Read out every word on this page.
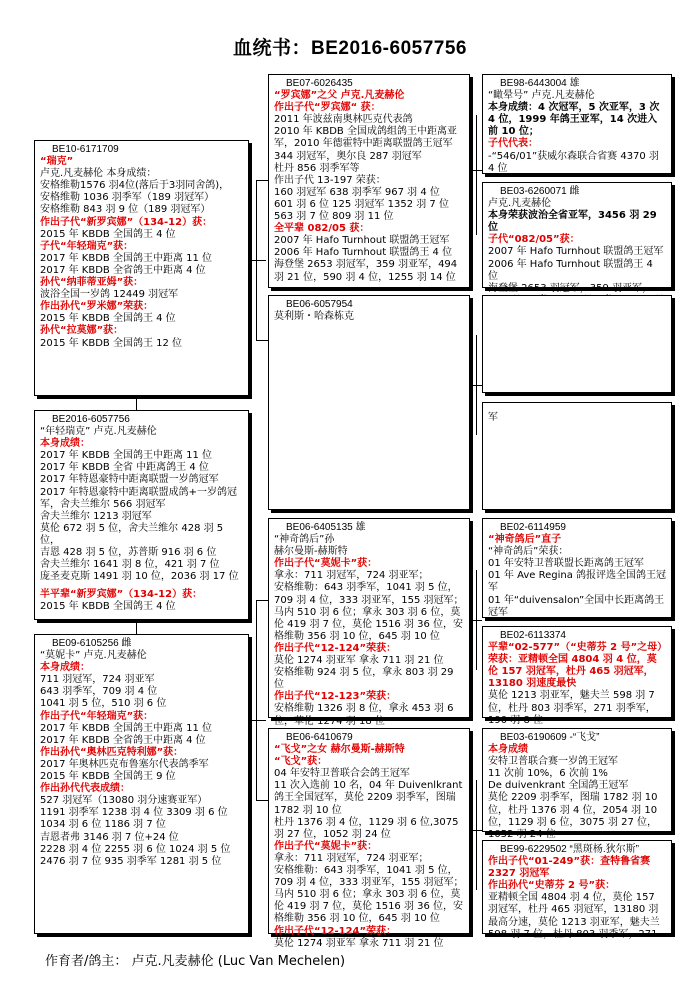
血统书：BE2016-6057756

BE10-6171709

“瑞克”

卢克.凡麦赫伦 本身成绩：

安格维勒1576 羽4位(落后于3羽同舍鸽)，

安格维勒 1036 羽季军（189 羽冠军）

安格维勒 843 羽 9 位（189 羽冠军）

作出子代“新罗宾娜”（134-12）获：

2015 年 KBDB 全国鸽王 4 位

子代“年轻瑞克”获：

2017 年 KBDB 全国鸽王中距离 11 位

2017 年 KBDB 全省鸽王中距离 4 位

孙代“纳菲蒂亚姆”获：

波浴全国一岁鸽 12449 羽冠军

作出孙代“罗米娜”荣获：

2015 年 KBDB 全国鸽王 4 位

孙代“拉莫娜”获：

2015 年 KBDB 全国鸽王 12 位

BE2016-6057756

“年轻瑞克” 卢克.凡麦赫伦

本身成绩：

2017 年 KBDB 全国鸽王中距离 11 位

2017 年 KBDB 全省 中距离鸽王 4 位

2017 年特恩豪特中距离联盟一岁鸽冠军

2017 年特恩豪特中距离联盟成鸽+一岁鸽冠军，舍夫兰维尔 566 羽冠军

舍夫兰维尔 1213 羽冠军

莫伦 672 羽 5 位，舍夫兰维尔 428 羽 5 位，

吉恩 428 羽 5 位，苏普斯 916 羽 6 位

舍夫兰维尔 1641 羽 8 位，421 羽 7 位

庞圣麦克斯 1491 羽 10 位，2036 羽 17 位

半平辈“新罗宾娜”（134-12）获：

2015 年 KBDB 全国鸽王 4 位

BE09-6105256 雌

“莫妮卡” 卢克.凡麦赫伦

本身成绩：

711 羽冠军，724 羽亚军

643 羽季军，709 羽 4 位

1041 羽 5 位，510 羽 6 位

作出子代“年轻瑞克”获：

2017 年 KBDB 全国鸽王中距离 11 位

2017 年 KBDB 全省鸽王中距离 4 位

作出孙代“奥林匹克特利娜”获：

2017 年奥林匹克布鲁塞尔代表鸽季军

2015 年 KBDB 全国鸽王 9 位

作出孙代代表成绩：

527 羽冠军（13080 羽分速赛亚军）

1191 羽季军 1238 羽 4 位 3309 羽 6 位

1034 羽 6 位 1186 羽 7 位

吉恩者弗 3146 羽 7 位+24 位

2228 羽 4 位 2255 羽 6 位 1024 羽 5 位

2476 羽 7 位 935 羽季军 1281 羽 5 位

BE07-6026435

“罗宾娜”之父 卢克.凡麦赫伦

作出子代“罗宾娜“ 获：

2011 年波兹南奥林匹克代表鸽

2010 年 KBDB 全国成鸽组鸽王中距离亚军，2010 年德霍特中距离联盟鸽王冠军

344 羽冠军，奥尔良 287 羽冠军

杜丹 856 羽季军等

作出子代 13-197 荣获：

160 羽冠军 638 羽季军 967 羽 4 位

601 羽 6 位 125 羽冠军 1352 羽 7 位

563 羽 7 位 809 羽 11 位

全平辈 082/05 获：

2007 年 Hafo Turnhout 联盟鸽王冠军

2006 年 Hafo Turnhout 联盟鸽王 4 位

海登堡 2653 羽冠军，359 羽亚军，494 羽 21 位，590 羽 4 位，1255 羽 14 位

BE06-6057954

莫利斯・哈森栋克

BE06-6405135 雄

“神奇鸽后”孙

赫尔曼斯-赫斯特

作出子代“莫妮卡”获：

拿永：711 羽冠军，724 羽亚军；

安格维勒：643 羽季军，1041 羽 5 位，

709 羽 4 位，333 羽亚军，155 羽冠军；

马内 510 羽 6 位；拿永 303 羽 6 位，莫伦 419 羽 7 位，莫伦 1516 羽 36 位，安格维勒 356 羽 10 位，645 羽 10 位

作出子代“12-124”荣获：

莫伦 1274 羽亚军 拿永 711 羽 21 位

安格维勒 924 羽 5 位，拿永 803 羽 29 位

作出子代“12-123”荣获：

安格维勒 1326 羽 8 位，拿永 453 羽 6 位，草伦 1274 羽 18 位

BE06-6410679

“飞戈”之女 赫尔曼斯-赫斯特

“飞戈”获：

04 年安特卫普联合会鸽王冠军

11 次入选前 10 名，04 年 Duivenlkrant 鸽王全国冠军，莫伦 2209 羽季军，图瑞 1782 羽 10 位

杜丹 1376 羽 4 位，1129 羽 6 位,3075 羽 27 位，1052 羽 24 位

作出子代“莫妮卡”获：

拿永：711 羽冠军，724 羽亚军；

安格维勒：643 羽季军，1041 羽 5 位，

709 羽 4 位，333 羽亚军，155 羽冠军；

马内 510 羽 6 位；拿永 303 羽 6 位，莫伦 419 羽 7 位，莫伦 1516 羽 36 位，安格维勒 356 羽 10 位，645 羽 10 位

作出子代“12-124”荣获：

莫伦 1274 羽亚军 拿永 711 羽 21 位

BE98-6443004 雄

“瞰晕号” 卢克.凡麦赫伦

本身成绩：4 次冠军，5 次亚军，3 次 4 位，1999 年鸽王亚军，14 次进入前 10 位；

子代代表：

-“546/01”获威尔森联合省赛 4370 羽 4 位

BE03-6260071 雌

卢克.凡麦赫伦

本身荣获波治全省亚军，3456 羽 29 位

子代“082/05”获：

2007 年 Hafo Turnhout 联盟鸽王冠军

2006 年 Hafo Turnhout 联盟鸽王 4 位

海登堡 2653 羽冠军，359 羽亚军，

军

BE02-6114959

“神奇鸽后”直子

“神奇鸽后”荣获：

01 年安特卫普联盟长距离鸽王冠军

01 年 Ave Regina 鸽报评选全国鸽王冠军

01 年“duivensalon”全国中长距离鸽王冠军

BE02-6113374

平辈“02-577”（“史蒂芬 2 号”之母）荣获：亚精顿全国 4804 羽 4 位，莫伦 157 羽冠军，杜丹 465 羽冠军，13180 羽速度最快

莫伦 1213 羽亚军，魅夫兰 598 羽 7 位，杜丹 803 羽季军，271 羽季军，190 羽 8 位

BE03-6190609 -“飞戈”

本身成绩

安特卫普联合赛一岁鸽王冠军

11 次前 10%，6 次前 1%

De duivenkrant 全国鸽王冠军

莫伦 2209 羽季军，图瑞 1782 羽 10 位，杜丹 1376 羽 4 位，2054 羽 10 位，1129 羽 6 位，3075 羽 27 位，1052 羽 24 位

BE99-6229502 “黑斑杨.狄尔斯”

作出子代“01-249”获：查特鲁省赛 2327 羽冠军

作出孙代“史蒂芬 2 号”获：

亚精顿全国 4804 羽 4 位，莫伦 157 羽冠军，杜丹 465 羽冠军，13180 羽最高分速，莫伦 1213 羽亚军，魅夫兰 598 羽 7 位，杜丹 803 羽季军，271

作育者/鸽主： 卢克.凡麦赫伦 (Luc Van Mechelen)
